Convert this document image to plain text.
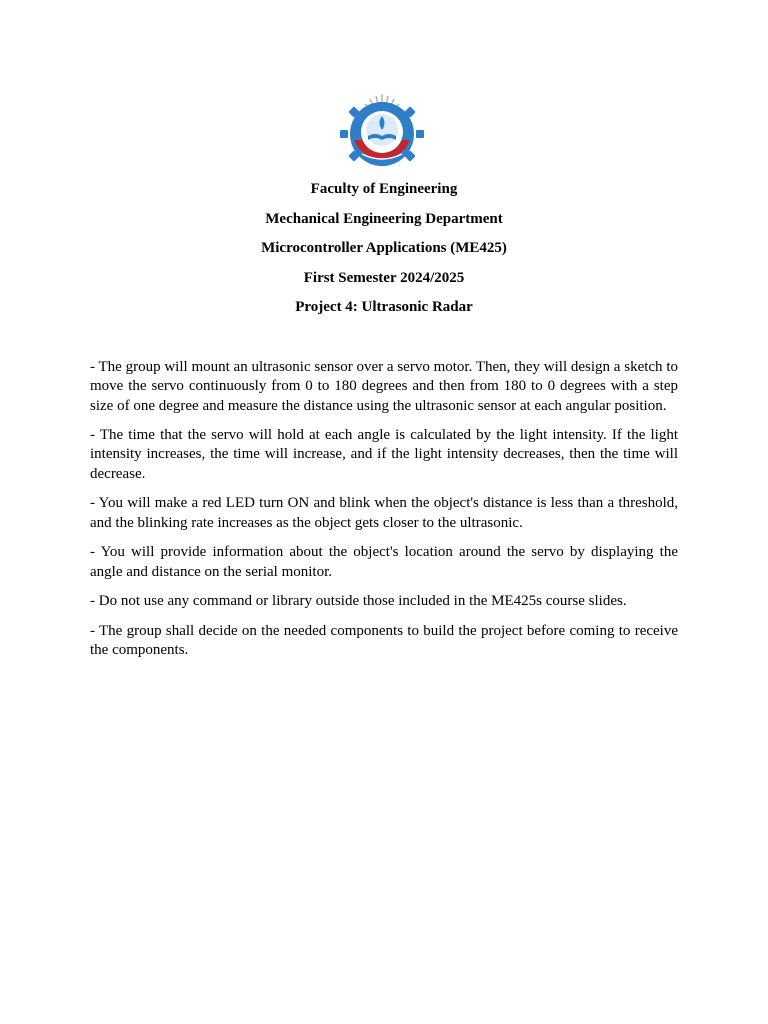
Faculty of Engineering
Mechanical Engineering Department
Microcontroller Applications (ME425)
First Semester 2024/2025
Project 4: Ultrasonic Radar

- The group will mount an ultrasonic sensor over a servo motor. Then, they will design a sketch to move the servo continuously from 0 to 180 degrees and then from 180 to 0 degrees with a step size of one degree and measure the distance using the ultrasonic sensor at each angular position.

- The time that the servo will hold at each angle is calculated by the light intensity. If the light intensity increases, the time will increase, and if the light intensity decreases, then the time will decrease.

- You will make a red LED turn ON and blink when the object's distance is less than a threshold, and the blinking rate increases as the object gets closer to the ultrasonic.

- You will provide information about the object's location around the servo by displaying the angle and distance on the serial monitor.

- Do not use any command or library outside those included in the ME425s course slides.

- The group shall decide on the needed components to build the project before coming to receive the components.
